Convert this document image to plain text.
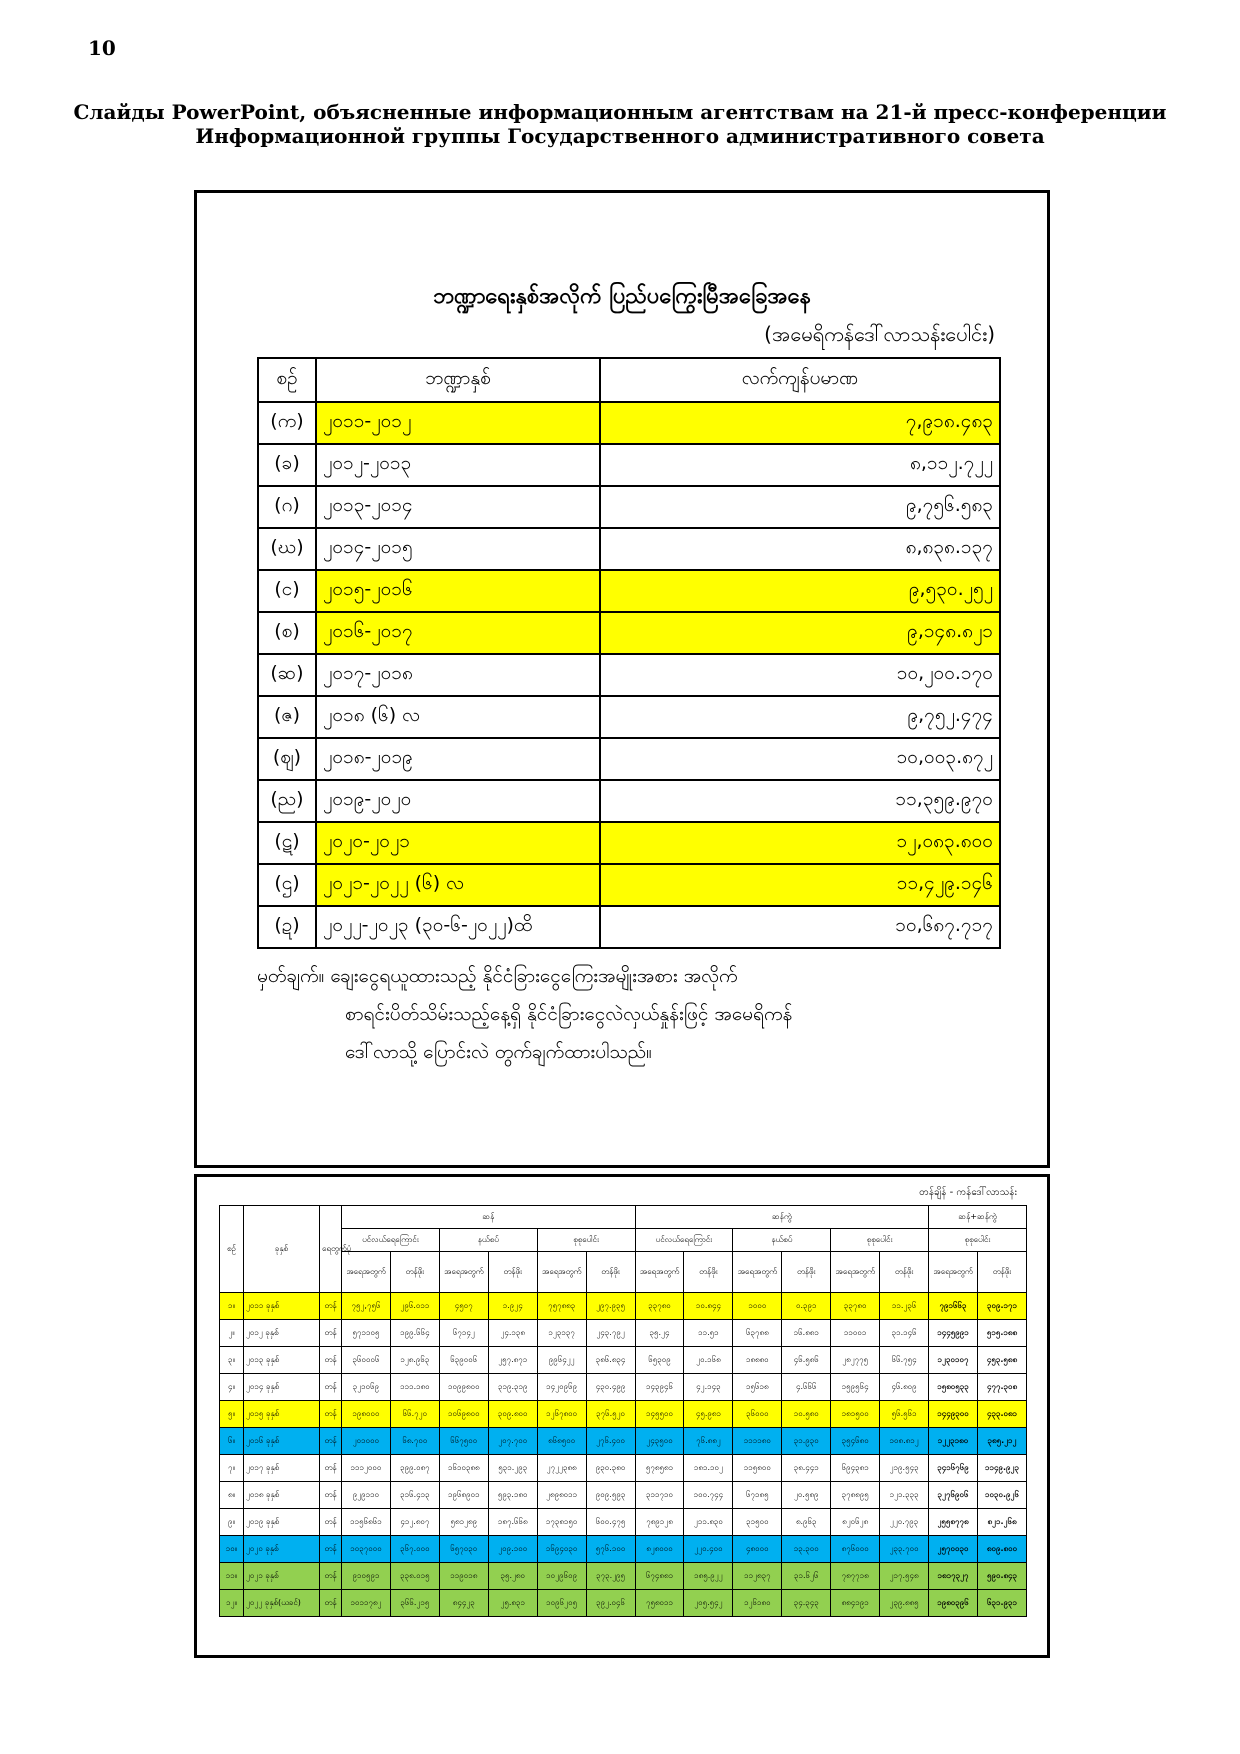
10
Слайды PowerPoint, объясненные информационным агентствам на 21-й пресс-конференции
Информационной группы Государственного административного совета
ဘဏ္ဍာရေးနှစ်အလိုက် ပြည်ပကြွေးမြီအခြေအနေ
(အမေရိကန်ဒေါ်လာသန်းပေါင်း)
စဉ်	ဘဏ္ဍာနှစ်	လက်ကျန်ပမာဏ
(က)	၂၀၁၁-၂၀၁၂	၇,၉၁၈.၄၈၃
(ခ)	၂၀၁၂-၂၀၁၃	၈,၁၁၂.၇၂၂
(ဂ)	၂၀၁၃-၂၀၁၄	၉,၇၅၆.၅၈၃
(ဃ)	၂၀၁၄-၂၀၁၅	၈,၈၃၈.၁၃၇
(င)	၂၀၁၅-၂၀၁၆	၉,၅၃၀.၂၅၂
(စ)	၂၀၁၆-၂၀၁၇	၉,၁၄၈.၈၂၁
(ဆ)	၂၀၁၇-၂၀၁၈	၁၀,၂၀၀.၁၇၀
(ဇ)	၂၀၁၈ (၆) လ	၉,၇၅၂.၄၇၄
(ဈ)	၂၀၁၈-၂၀၁၉	၁၀,၀၀၃.၈၇၂
(ည)	၂၀၁၉-၂၀၂၀	၁၁,၃၅၉.၉၇၀
(ဋ)	၂၀၂၀-၂၀၂၁	၁၂,၀၈၃.၈၀၀
(ဌ)	၂၀၂၁-၂၀၂၂ (၆) လ	၁၁,၄၂၉.၁၄၆
(ဍ)	၂၀၂၂-၂၀၂၃ (၃၀-၆-၂၀၂၂)ထိ	၁၀,၆၈၇.၇၁၇
မှတ်ချက်။ ချေးငွေရယူထားသည့် နိုင်ငံခြားငွေကြေးအမျိုးအစား အလိုက်
စာရင်းပိတ်သိမ်းသည့်နေ့ရှိ နိုင်ငံခြားငွေလဲလှယ်နှုန်းဖြင့် အမေရိကန်
ဒေါ်လာသို့ ပြောင်းလဲ တွက်ချက်ထားပါသည်။
တန်ချိန် - ကန်ဒေါ်လာသန်း
စဉ်	ခုနှစ်	ရေတွက်ပုံ	ဆန်						ဆန်ကွဲ						ဆန်+ဆန်ကွဲ	
			ပင်လယ်ရေကြောင်း		နယ်စပ်		စုစုပေါင်း		ပင်လယ်ရေကြောင်း		နယ်စပ်		စုစုပေါင်း		စုစုပေါင်း	
			အရေအတွက်	တန်ဖိုး	အရေအတွက်	တန်ဖိုး	အရေအတွက်	တန်ဖိုး	အရေအတွက်	တန်ဖိုး	အရေအတွက်	တန်ဖိုး	အရေအတွက်	တန်ဖိုး	အရေအတွက်	တန်ဖိုး
၁။	၂၀၁၁ ခုနှစ်	တန်	၇၅၂,၇၅၆	၂၉၆.၀၁၁	၄၅၀၇	၁.၉၂၄	၇၅၇၈၈၃	၂၉၇.၉၃၅	၃၃၇၈၀	၁၀.၈၄၄	၁၀၀၀	၀.၃၉၁	၃၃၇၈၀	၁၁.၂၃၆	၇၉၁၆၆၃	၃၀၉.၁၇၁
၂။	၂၀၁၂ ခုနှစ်	တန်	၅၇၁၁၀၅	၁၉၉.၆၆၄	၆၇၁၄၂	၂၄.၁၃၈	၁၂၃၁၃၇	၂၄၃.၇၉၂	၃၅.၂၄	၁၁.၅၁	၆၃၇၈၈	၁၆.၈၈၁	၁၁၀၀၁	၃၁.၁၄၆	၁၄၄၅၉၉၁	၅၁၅.၁၈၈
၃။	၂၀၁၃ ခုနှစ်	တန်	၃၆၀၀၀၆	၁၂၈.၉၆၃	၆၃၉၀၀၆	၂၅၇.၈၇၁	၉၉၆၄၂၂	၃၈၆.၈၃၄	၆၅၃၀၉	၂၀.၁၆၈	၁၈၈၈၀	၄၆.၅၈၆	၂၈၂၇၇၅	၆၆.၇၅၄	၁၂၃၀၁၀၇	၄၅၃.၅၈၈
၄။	၂၀၁၄ ခုနှစ်	တန်	၃၂၁၀၆၉	၁၁၁.၁၈၀	၁၀၉၉၈၀၀	၃၁၉.၃၁၉	၁၄၂၀၉၆၉	၄၃၀.၄၉၉	၁၄၃၉၄၆	၄၂.၁၄၃	၁၅၆၁၈	၄.၆၆၆	၁၅၉၅၆၄	၄၆.၈၀၉	၁၅၈၀၅၃၃	၄၇၇.၃၀၈
၅။	၂၀၁၅ ခုနှစ်	တန်	၁၉၈၀၀၀	၆၆.၇၂၀	၁၀၆၉၈၀၀	၃၀၉.၈၀၀	၁၂၆၇၈၀၀	၃၇၆.၅၂၀	၁၄၅၅၀၀	၄၅.၉၈၁	၃၆၀၀၀	၁၀.၅၈၀	၁၈၁၅၀၀	၅၆.၅၆၁	၁၄၄၉၃၀၀	၄၃၃.၀၈၁
၆။	၂၀၁၆ ခုနှစ်	တန်	၂၀၁၀၀၀	၆၈.၇၀၀	၆၆၇၅၀၀	၂၀၇.၇၀၀	၈၆၈၅၀၀	၂၇၆.၄၀၀	၂၄၃၅၀၀	၇၆.၈၈၂	၁၁၁၁၈၀	၃၁.၉၃၀	၃၅၄၆၈၀	၁၀၈.၈၁၂	၁၂၂၃၁၈၀	၃၈၅.၂၁၂
၇။	၂၀၁၇ ခုနှစ်	တန်	၁၁၁၂၀၀၀	၃၉၉.၀၈၇	၁၆၁၀၃၈၈	၅၃၁.၂၉၃	၂၇၂၂၃၈၈	၉၃၀.၃၈၀	၅၇၈၅၈၁	၁၈၁.၁၀၂	၁၁၅၈၀၀	၃၈.၄၄၁	၆၉၄၃၈၁	၂၁၉.၅၄၃	၃၄၁၆၇၆၉	၁၁၄၉.၉၂၃
၈။	၂၀၁၈ ခုနှစ်	တန်	၉၂၉၁၁၀	၃၁၆.၄၁၃	၁၉၆၈၉၀၁	၅၉၃.၁၈၀	၂၈၉၈၀၁၁	၉၀၉.၅၉၃	၃၁၁၇၁၀	၁၀၀.၇၄၄	၆၇၁၈၅	၂၀.၅၈၉	၃၇၈၈၉၅	၁၂၁.၃၃၃	၃၂၇၆၉၀၆	၁၀၃၀.၉၂၆
၉။	၂၀၁၉ ခုနှစ်	တန်	၁၁၅၆၈၆၁	၄၁၂.၈၀၇	၅၈၁၂၈၉	၁၈၇.၆၆၈	၁၇၃၈၁၅၀	၆၀၀.၄၇၅	၇၈၉၁၂၈	၂၁၁.၈၃၀	၃၁၅၀၀	၈.၉၆၃	၈၂၀၆၂၈	၂၂၀.၇၉၃	၂၅၅၈၇၇၈	၈၂၁.၂၆၈
၁၀။	၂၀၂၀ ခုနှစ်	တန်	၁၀၃၇၀၀၀	၃၆၇.၀၀၀	၆၅၇၀၃၀	၂၀၉.၁၀၀	၁၆၉၄၀၃၀	၅၇၆.၁၀၀	၈၂၈၀၀၀	၂၂၀.၄၀၀	၄၈၀၀၀	၁၃.၃၀၀	၈၇၆၀၀၀	၂၃၃.၇၀၀	၂၅၇၀၀၃၀	၈၀၉.၈၀၀
၁၁။	၂၀၂၁ ခုနှစ်	တန်	၉၁၀၅၉၁	၃၃၈.၀၁၅	၁၁၉၀၁၈	၃၅.၂၈၀	၁၀၂၉၆၀၉	၃၇၃.၂၉၅	၆၇၄၈၈၁	၁၈၅.၉၂၂	၁၁၂၈၃၇	၃၁.၆၂၆	၇၈၇၇၁၈	၂၁၇.၅၄၈	၁၈၁၇၃၂၇	၅၉၀.၈၄၃
၁၂။	၂၀၂၂ ခုနှစ်(ယခင်)	တန်	၁၀၁၁၇၈၂	၃၆၆.၂၁၅	၈၄၄၂၃	၂၅.၈၃၁	၁၀၉၆၂၀၅	၃၉၂.၀၄၆	၇၅၈၀၁၁	၂၀၅.၅၄၂	၁၂၆၁၈၀	၃၄.၃၄၃	၈၈၄၁၉၁	၂၃၉.၈၈၅	၁၉၈၀၃၉၆	၆၃၁.၉၃၁
